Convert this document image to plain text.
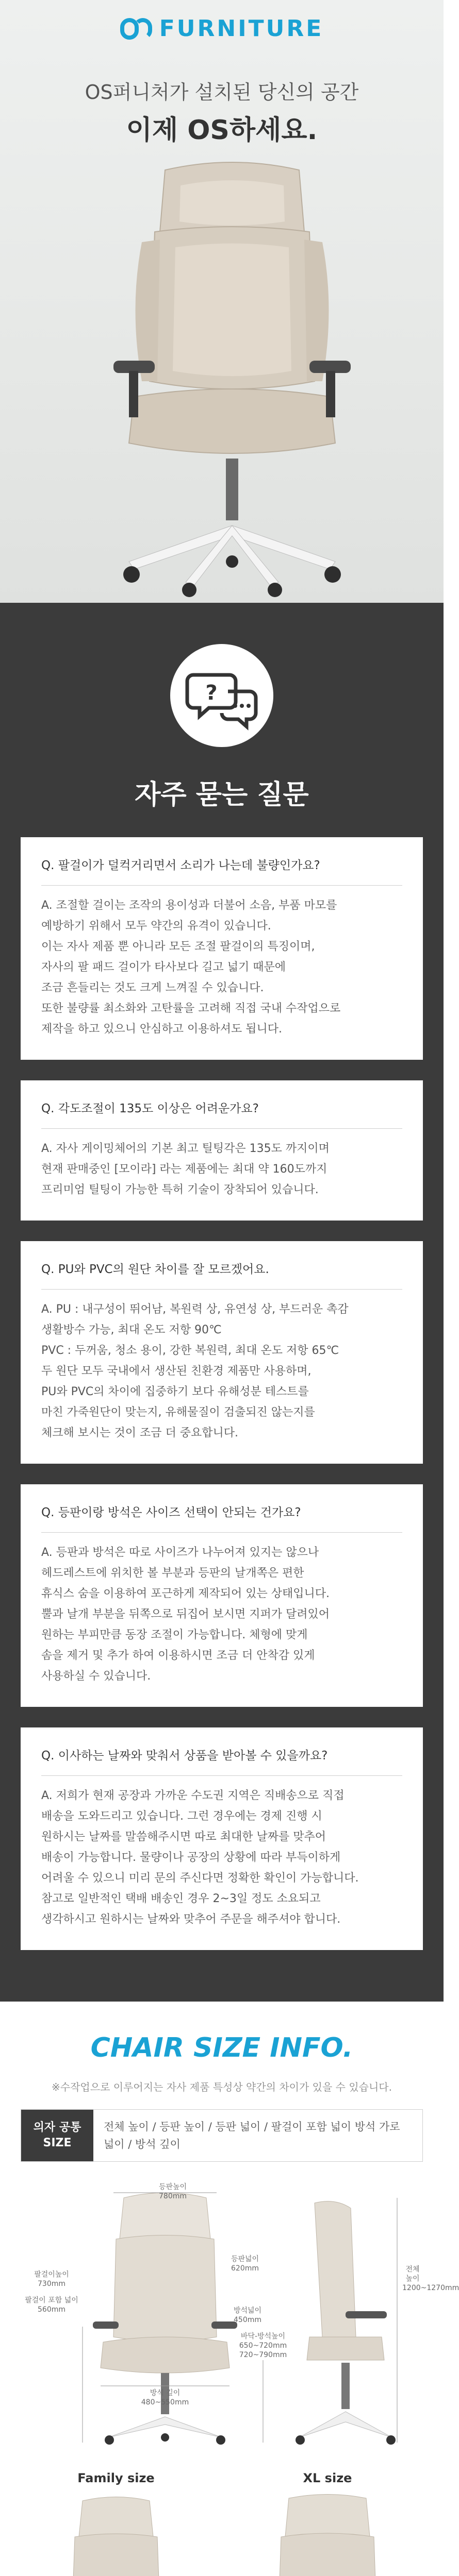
FURNITURE
OS퍼니처가 설치된 당신의 공간
이제 OS하세요.
?
자주 묻는 질문
Q. 팔걸이가 덜컥거리면서 소리가 나는데 불량인가요?

A. 조절할 걸이는 조작의 용이성과 더불어 소음, 부품 마모를

예방하기 위해서 모두 약간의 유격이 있습니다.

이는 자사 제품 뿐 아니라 모든 조절 팔걸이의 특징이며,

자사의 팔 패드 걸이가 타사보다 길고 넓기 때문에

조금 흔들리는 것도 크게 느껴질 수 있습니다.

또한 불량률 최소화와 고탄률을 고려해 직접 국내 수작업으로

제작을 하고 있으니 안심하고 이용하셔도 됩니다.

Q. 각도조절이 135도 이상은 어려운가요?

A. 자사 게이밍체어의 기본 최고 틸팅각은 135도 까지이며

현재 판매중인 [모이라] 라는 제품에는 최대 약 160도까지

프리미엄 틸팅이 가능한 특허 기술이 장착되어 있습니다.

Q. PU와 PVC의 원단 차이를 잘 모르겠어요.

A. PU : 내구성이 뛰어남, 복원력 상, 유연성 상, 부드러운 촉감

생활방수 가능, 최대 온도 저항 90℃

PVC : 두꺼움, 청소 용이, 강한 복원력, 최대 온도 저항 65℃

두 원단 모두 국내에서 생산된 친환경 제품만 사용하며,

PU와 PVC의 차이에 집중하기 보다 유해성분 테스트를

마친 가죽원단이 맞는지, 유해물질이 검출되진 않는지를

체크해 보시는 것이 조금 더 중요합니다.

Q. 등판이랑 방석은 사이즈 선택이 안되는 건가요?

A. 등판과 방석은 따로 사이즈가 나누어져 있지는 않으나

헤드레스트에 위치한 볼 부분과 등판의 날개쪽은 편한

휴식스 숨을 이용하여 포근하게 제작되어 있는 상태입니다.

뿔과 날개 부분을 뒤쪽으로 뒤집어 보시면 지퍼가 달려있어

원하는 부피만큼 동장 조절이 가능합니다. 체형에 맞게

솜을 제거 및 추가 하여 이용하시면 조금 더 안착감 있게

사용하실 수 있습니다.

Q. 이사하는 날짜와 맞춰서 상품을 받아볼 수 있을까요?

A. 저희가 현재 공장과 가까운 수도권 지역은 직배송으로 직접

배송을 도와드리고 있습니다. 그런 경우에는 경제 진행 시

원하시는 날짜를 말씀해주시면 따로 최대한 날짜를 맞추어

배송이 가능합니다. 물량이나 공장의 상황에 따라 부득이하게

어려울 수 있으니 미리 문의 주신다면 정확한 확인이 가능합니다.

참고로 일반적인 택배 배송인 경우 2~3일 정도 소요되고

생각하시고 원하시는 날짜와 맞추어 주문을 해주셔야 합니다.

CHAIR SIZE INFO.
※수작업으로 이루어지는 자사 제품 특성상 약간의 차이가 있을 수 있습니다.
의자 공통 SIZE
전체 높이 / 등판 높이 / 등판 넓이 / 팔걸이 포함 넓이 방석 가로 넓이 / 방석 깊이
등판높이 780mm
등판넓이 620mm
팔걸이높이 730mm
팔걸이 포함 넓이 560mm	방석넓이 450mm
방석 깊이 480~550mm
바닥-방석높이 650~720mm 720~790mm
전체높이 1200~1270mm
Family size	XL size
